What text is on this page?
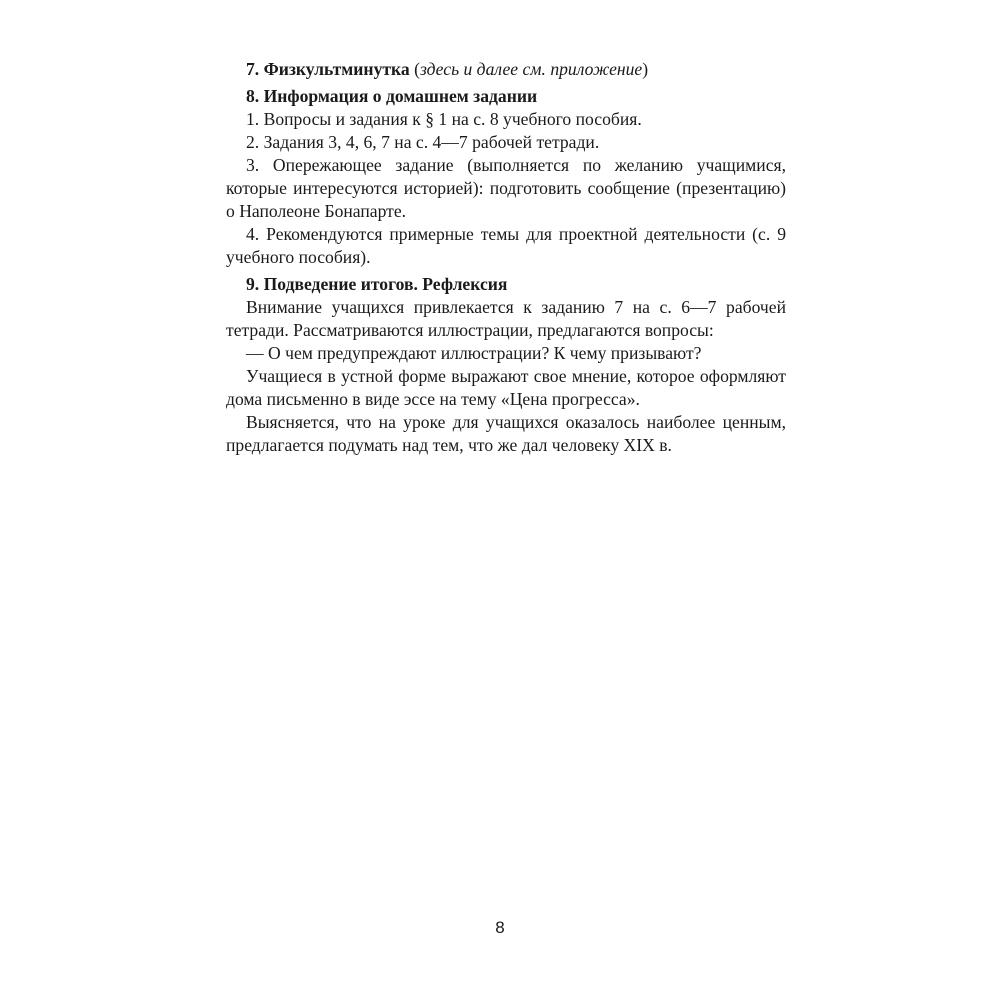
7. Физкультминутка (здесь и далее см. приложение)

8. Информация о домашнем задании

1. Вопросы и задания к § 1 на с. 8 учебного пособия.

2. Задания 3, 4, 6, 7 на с. 4—7 рабочей тетради.

3. Опережающее задание (выполняется по желанию учащимися, которые интересуются историей): подготовить сообщение (презентацию) о Наполеоне Бонапарте.

4. Рекомендуются примерные темы для проектной деятельности (с. 9 учебного пособия).

9. Подведение итогов. Рефлексия

Внимание учащихся привлекается к заданию 7 на с. 6—7 рабочей тетради. Рассматриваются иллюстрации, предлагаются вопросы:

— О чем предупреждают иллюстрации? К чему призывают?

Учащиеся в устной форме выражают свое мнение, которое оформляют дома письменно в виде эссе на тему «Цена прогресса».

Выясняется, что на уроке для учащихся оказалось наиболее ценным, предлагается подумать над тем, что же дал человеку XIX в.

8
